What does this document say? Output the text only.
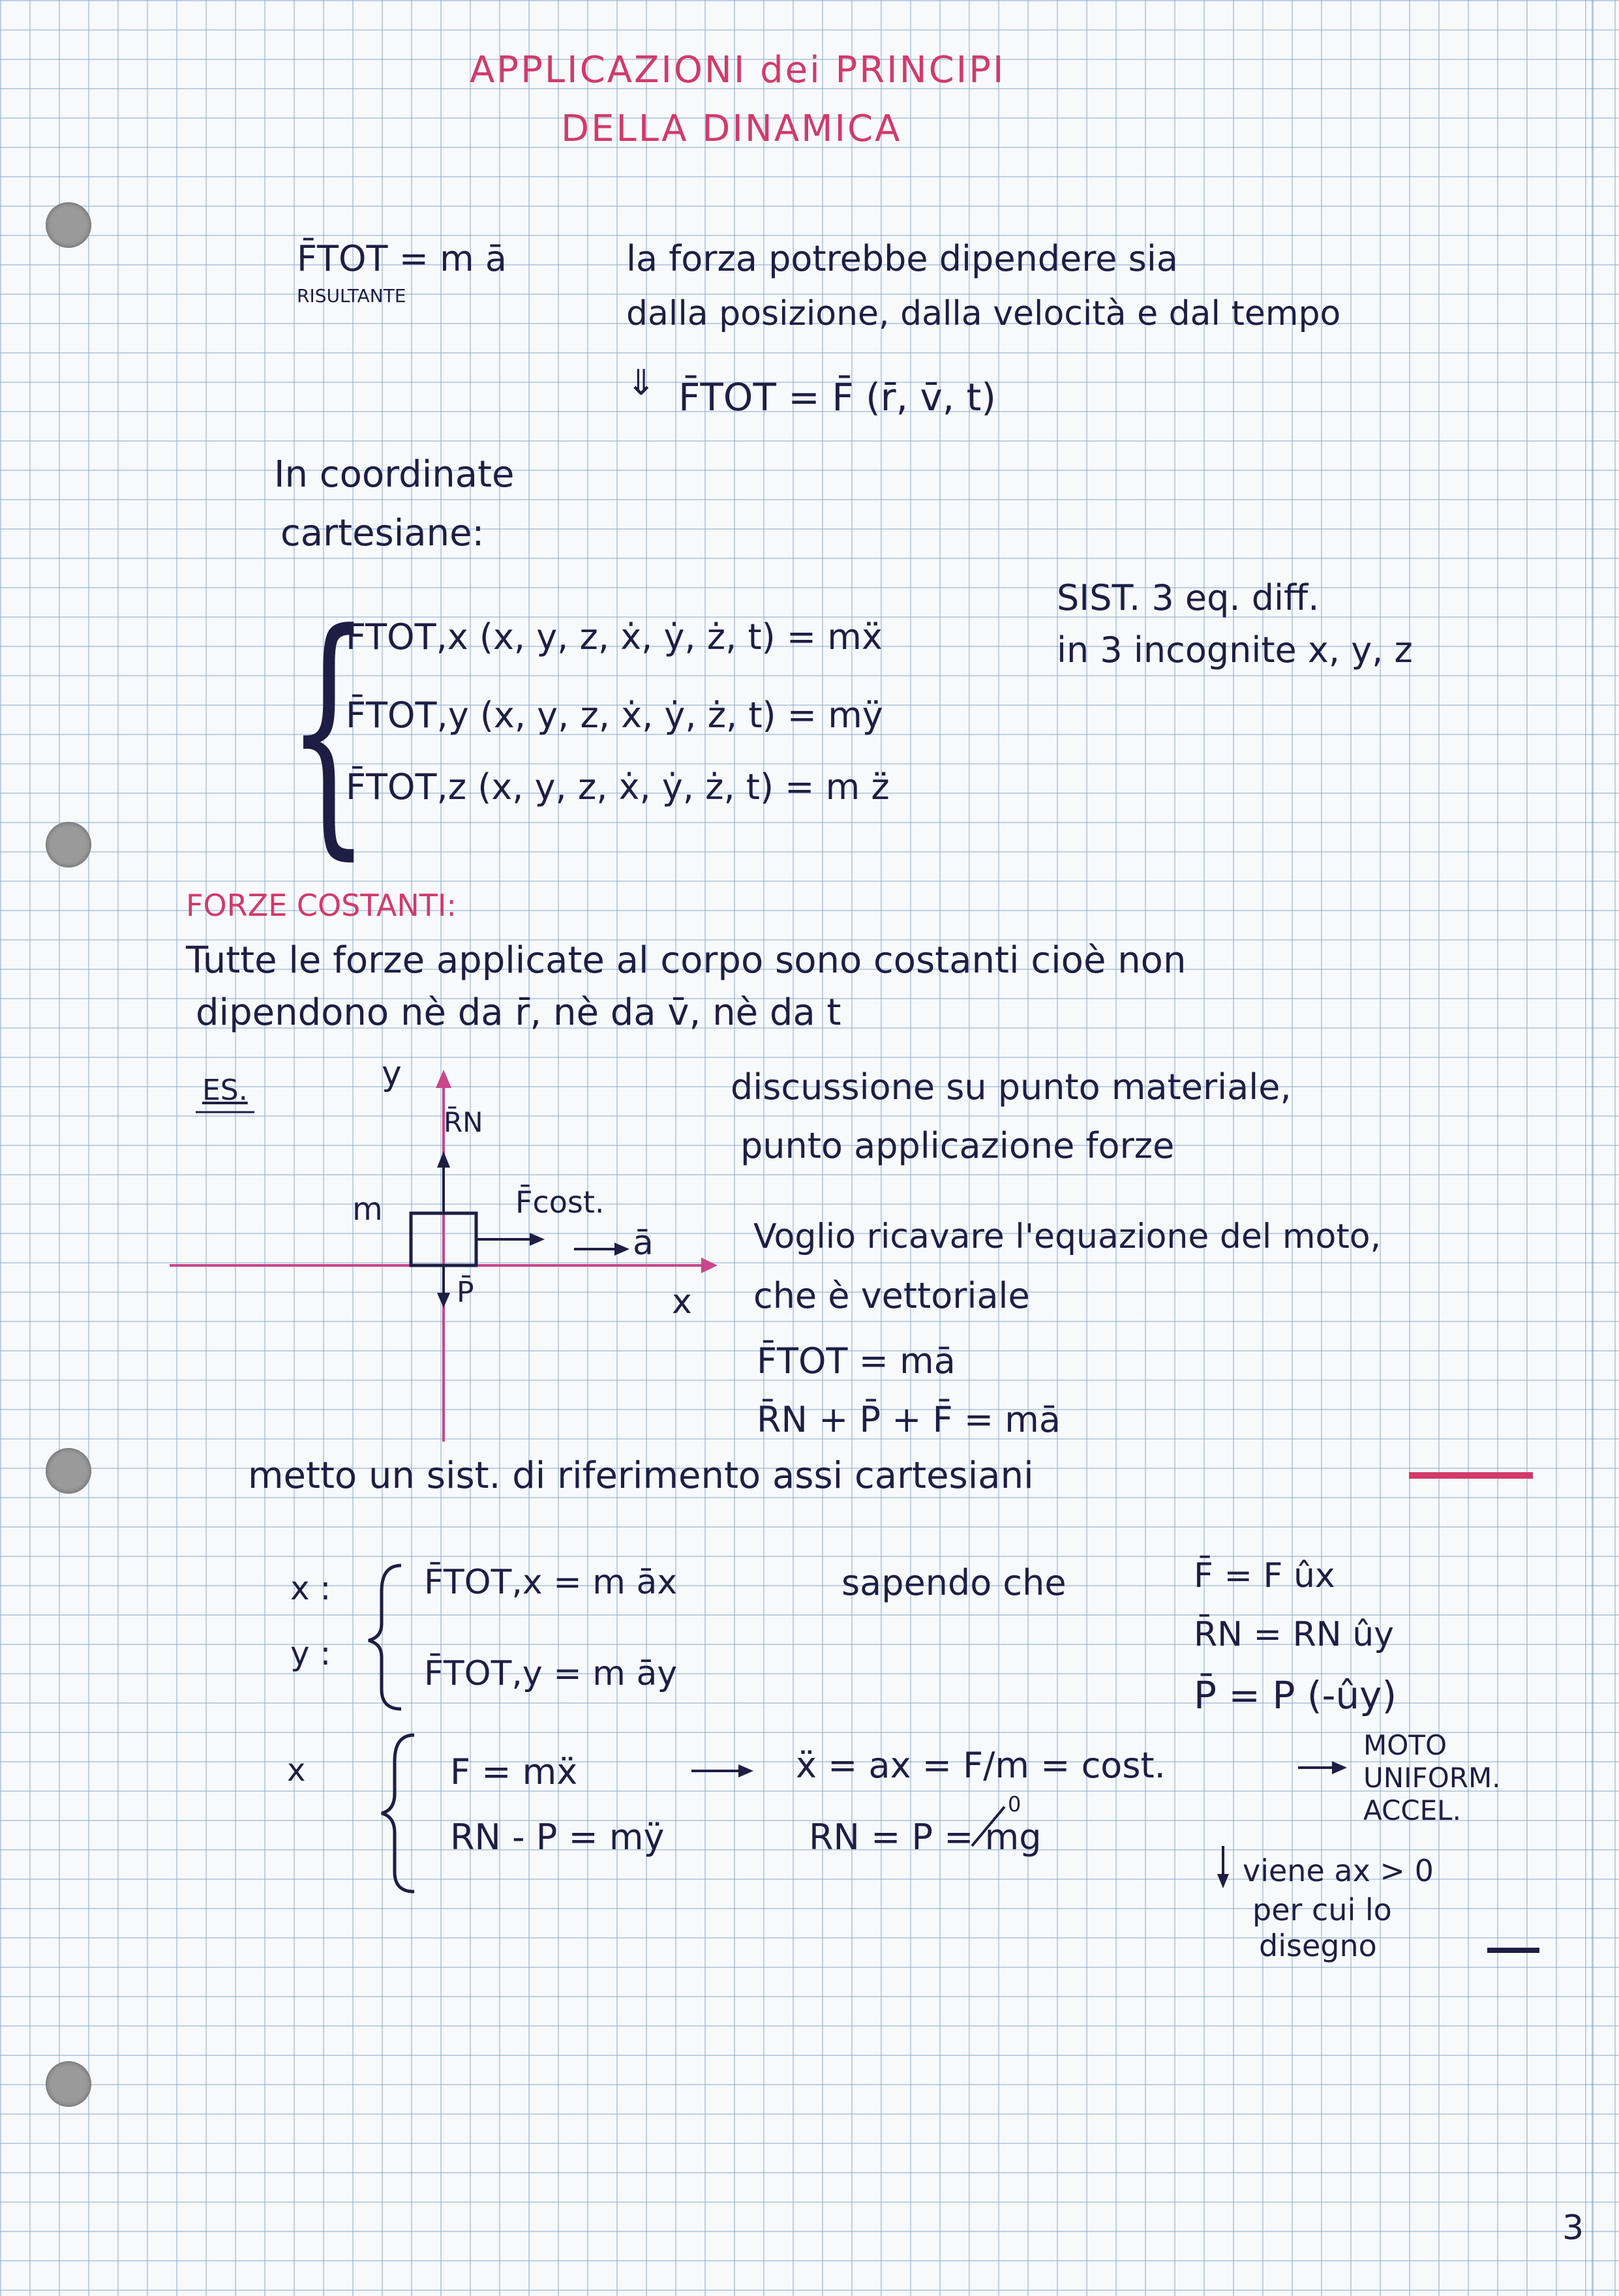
APPLICAZIONI dei PRINCIPI
DELLA DINAMICA
F̄TOT = m ā
RISULTANTE
la forza potrebbe dipendere sia
dalla posizione, dalla velocità e dal tempo
⇓ F̄TOT = F̄ (r̄, v̄, t)
In coordinate
cartesiane:
{
FTOT,x (x, y, z, ẋ, ẏ, ż, t) = mẍ
F̄TOT,y (x, y, z, ẋ, ẏ, ż, t) = mÿ
F̄TOT,z (x, y, z, ẋ, ẏ, ż, t) = m z̈
SIST. 3 eq. diff.
in 3 incognite x, y, z
FORZE COSTANTI:
Tutte le forze applicate al corpo sono costanti cioè non
dipendono nè da r̄, nè da v̄, nè da t
ES.	y
x
m
R̄N
F̄cost.
ā
P̄
discussione su punto materiale,
punto applicazione forze
Voglio ricavare l'equazione del moto,
che è vettoriale
F̄TOT = mā
R̄N + P̄ + F̄ = mā
metto un sist. di riferimento assi cartesiani
x :
y :
F̄TOT,x = m āx
F̄TOT,y = m āy
sapendo che	F̄ = F ûx
R̄N = RN ûy
P̄ = P (-ûy)
x	F = mẍ	ẍ = ax = F/m = cost.	MOTO
UNIFORM.
ACCEL.
RN - P = mÿ
0
RN = P = mg
viene ax > 0
per cui lo
disegno
3
